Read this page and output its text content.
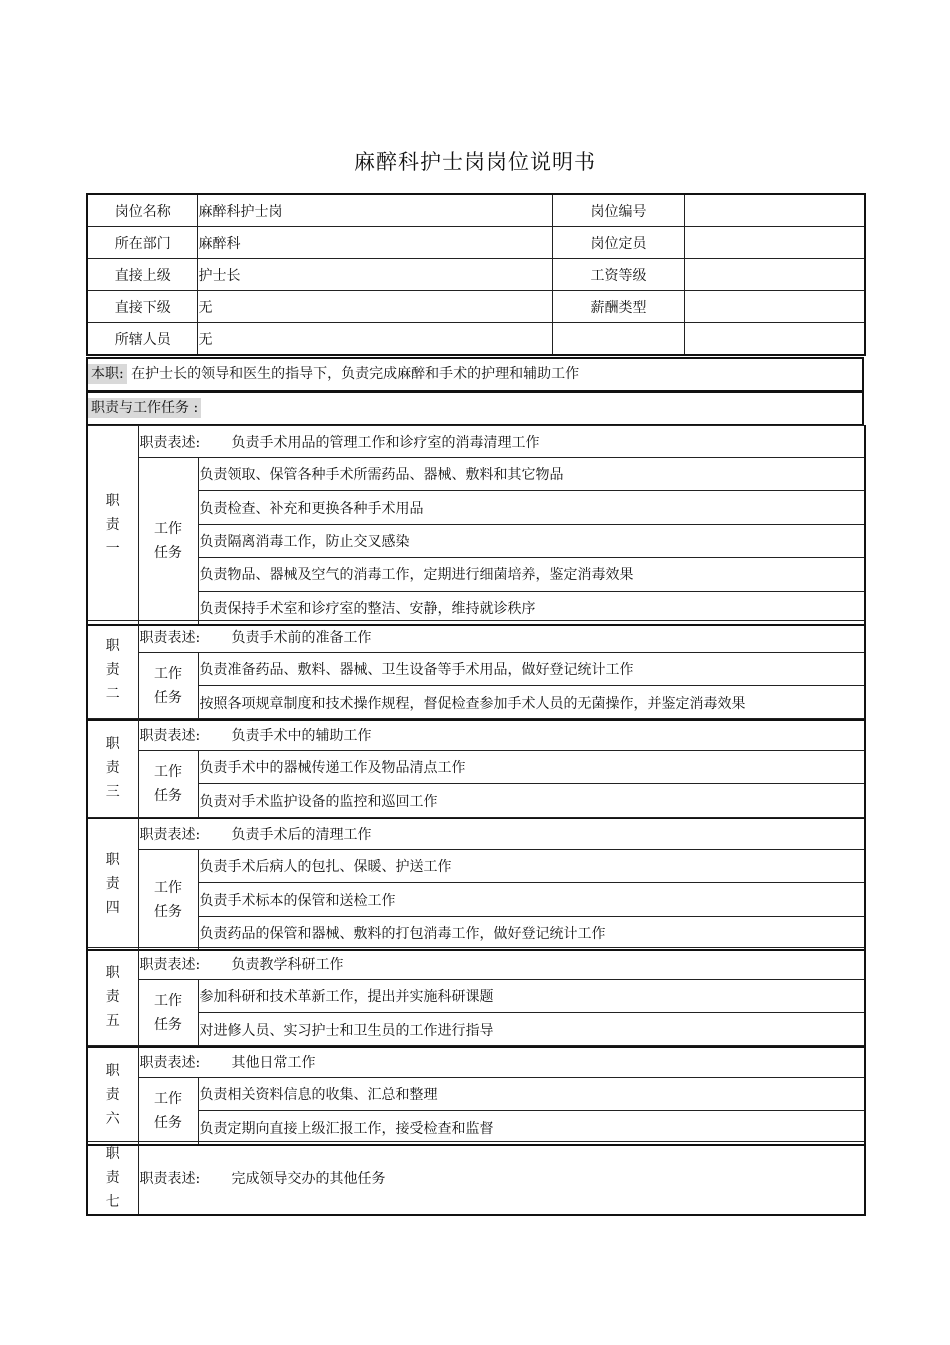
麻醉科护士岗岗位说明书
岗位名称	麻醉科护士岗	岗位编号	
所在部门	麻醉科	岗位定员	
直接上级	护士长	工资等级	
直接下级	无	薪酬类型	
所辖人员	无		
本职: 在护士长的领导和医生的指导下，负责完成麻醉和手术的护理和辅助工作
职责与工作任务 :
职责一	职责表述: 负责手术用品的管理工作和诊疗室的消毒清理工作	
	工作任务	负责领取、保管各种手术所需药品、器械、敷料和其它物品
		负责检查、补充和更换各种手术用品
		负责隔离消毒工作，防止交叉感染
		负责物品、器械及空气的消毒工作，定期进行细菌培养，鉴定消毒效果
		负责保持手术室和诊疗室的整洁、安静，维持就诊秩序
职责二	职责表述: 负责手术前的准备工作	
	工作任务	负责准备药品、敷料、器械、卫生设备等手术用品，做好登记统计工作
		按照各项规章制度和技术操作规程，督促检查参加手术人员的无菌操作，并鉴定消毒效果
职责三	职责表述: 负责手术中的辅助工作	
	工作任务	负责手术中的器械传递工作及物品清点工作
		负责对手术监护设备的监控和巡回工作
职责四	职责表述: 负责手术后的清理工作	
	工作任务	负责手术后病人的包扎、保暖、护送工作
		负责手术标本的保管和送检工作
		负责药品的保管和器械、敷料的打包消毒工作，做好登记统计工作
职责五	职责表述: 负责教学科研工作	
	工作任务	参加科研和技术革新工作，提出并实施科研课题
		对进修人员、实习护士和卫生员的工作进行指导
职责六	职责表述: 其他日常工作	
	工作任务	负责相关资料信息的收集、汇总和整理
		负责定期向直接上级汇报工作，接受检查和监督
职责七	职责表述: 完成领导交办的其他任务
